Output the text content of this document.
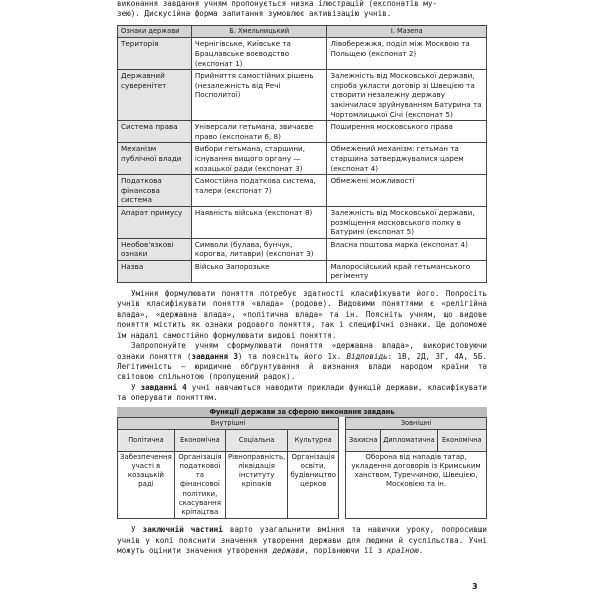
виконання завдання учням пропонується низка ілюстрацій (експонатів му-

зею). Дискусійна форма запитання зумовлює активізацію учнів.

Ознаки держави	Б. Хмельницький	І. Мазепа
Територія	Чернігівське, Київське та Брацлавське воєводство (експонат 1)	Лівобережжя, поділ між Москвою та Польщею (експонат 2)
Державний суверенітет	Прийняття самостійних рішень (незалежність від Речі Посполитої)	Залежність від Московської держави, спроба укласти договір зі Швецією та створити незалежну державу закінчилася зруйнуванням Батурина та Чортомлицької Січі (експонат 5)
Система права	Універсали гетьмана, звичаєве право (експонати 6, 8)	Поширення московського права
Механізм публічної влади	Вибори гетьмана, старшини, існування вищого органу — козацької ради (експонат 3)	Обмежений механізм: гетьман та старшина затверджувалися царем (експонат 4)
Податкова фінансова система	Самостійна податкова система, талери (експонат 7)	Обмежені можливості
Апарат примусу	Наявність війська (експонат 8)	Залежність від Московської держави, розміщення московського полку в Батурині (експонат 5)
Необов'язкові ознаки	Символи (булава, бунчук, корогва, литаври) (експонат 3)	Власна поштова марка (експонат 4)
Назва	Військо Запорозьке	Малоросійський край гетьманського регіменту

Уміння формулювати поняття потребує здатності класифікувати його. Попросіть учнів класифікувати поняття «влада» (родове). Видовими поняттями є «релігійна влада», «державна влада», «політична влада» та ін. Поясніть учням, що видове поняття містить як ознаки родового поняття, так і специфічні ознаки. Це допоможе їм надалі самостійно формулювати видові поняття.

Запропонуйте учням сформулювати поняття «державна влада», використовуючи ознаки поняття (завдання 3) та поясніть його 1х. Відповідь: 1В, 2Д, 3Г, 4А, 5Б. Легітимність — юридичне обґрунтування й визнання влади народом країни та світовою спільнотою (пропущений радок).

У завданні 4 учні навчаються наводити приклади функцій держави, класифікувати та оперувати поняттям.

Функції держави за сферою виконання завдань
Внутрішні					Зовнішні		
Політична	Економічна	Соціальна	Культурна		Захисна	Дипломатична	Економічна
Забезпечення участі в козацькій раді	Організація податкової та фінансової політики, скасування кріпацтва	Рівноправність, ліквідація інституту кріпаків	Організація освіти, будівництво церков		Оборона від нападів татар, укладення договорів із Кримським ханством, Туреччиною, Швецією, Московією та ін.		

У заключній частині варто узагальнити вміння та навички уроку, попросивши учнів у колі пояснити значення утворення держави для людини й суспільства. Учні можуть оцінити значення утворення держави, порівнюючи її з країною.

3
